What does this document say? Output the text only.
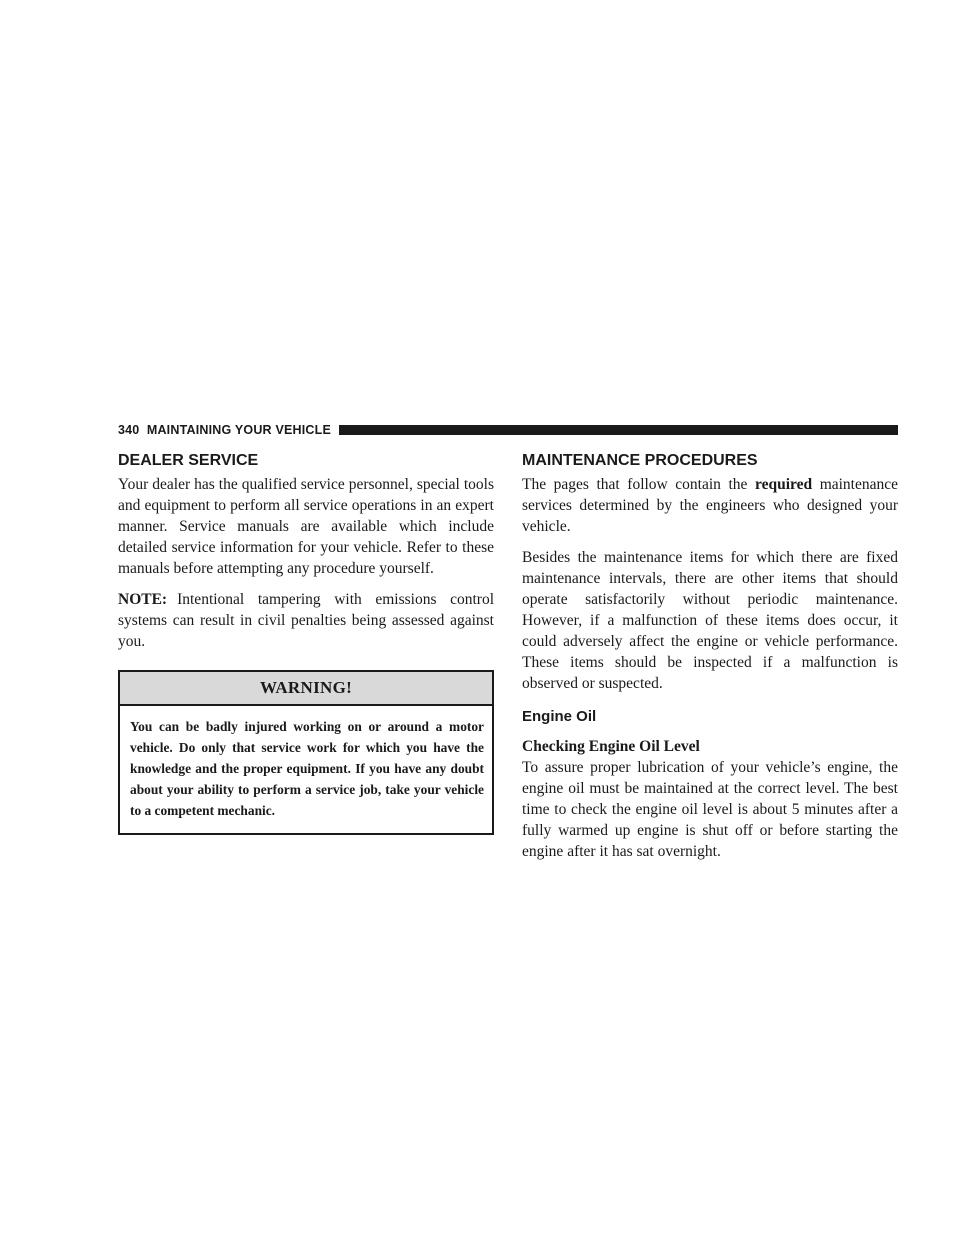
340 MAINTAINING YOUR VEHICLE
DEALER SERVICE

Your dealer has the qualified service personnel, special tools and equipment to perform all service operations in an expert manner. Service manuals are available which include detailed service information for your vehicle. Refer to these manuals before attempting any procedure yourself.

NOTE: Intentional tampering with emissions control systems can result in civil penalties being assessed against you.

WARNING!
You can be badly injured working on or around a motor vehicle. Do only that service work for which you have the knowledge and the proper equipment. If you have any doubt about your ability to perform a service job, take your vehicle to a competent mechanic.
MAINTENANCE PROCEDURES

The pages that follow contain the required maintenance services determined by the engineers who designed your vehicle.

Besides the maintenance items for which there are fixed maintenance intervals, there are other items that should operate satisfactorily without periodic maintenance. However, if a malfunction of these items does occur, it could adversely affect the engine or vehicle performance. These items should be inspected if a malfunction is observed or suspected.

Engine Oil
Checking Engine Oil Level

To assure proper lubrication of your vehicle’s engine, the engine oil must be maintained at the correct level. The best time to check the engine oil level is about 5 minutes after a fully warmed up engine is shut off or before starting the engine after it has sat overnight.
